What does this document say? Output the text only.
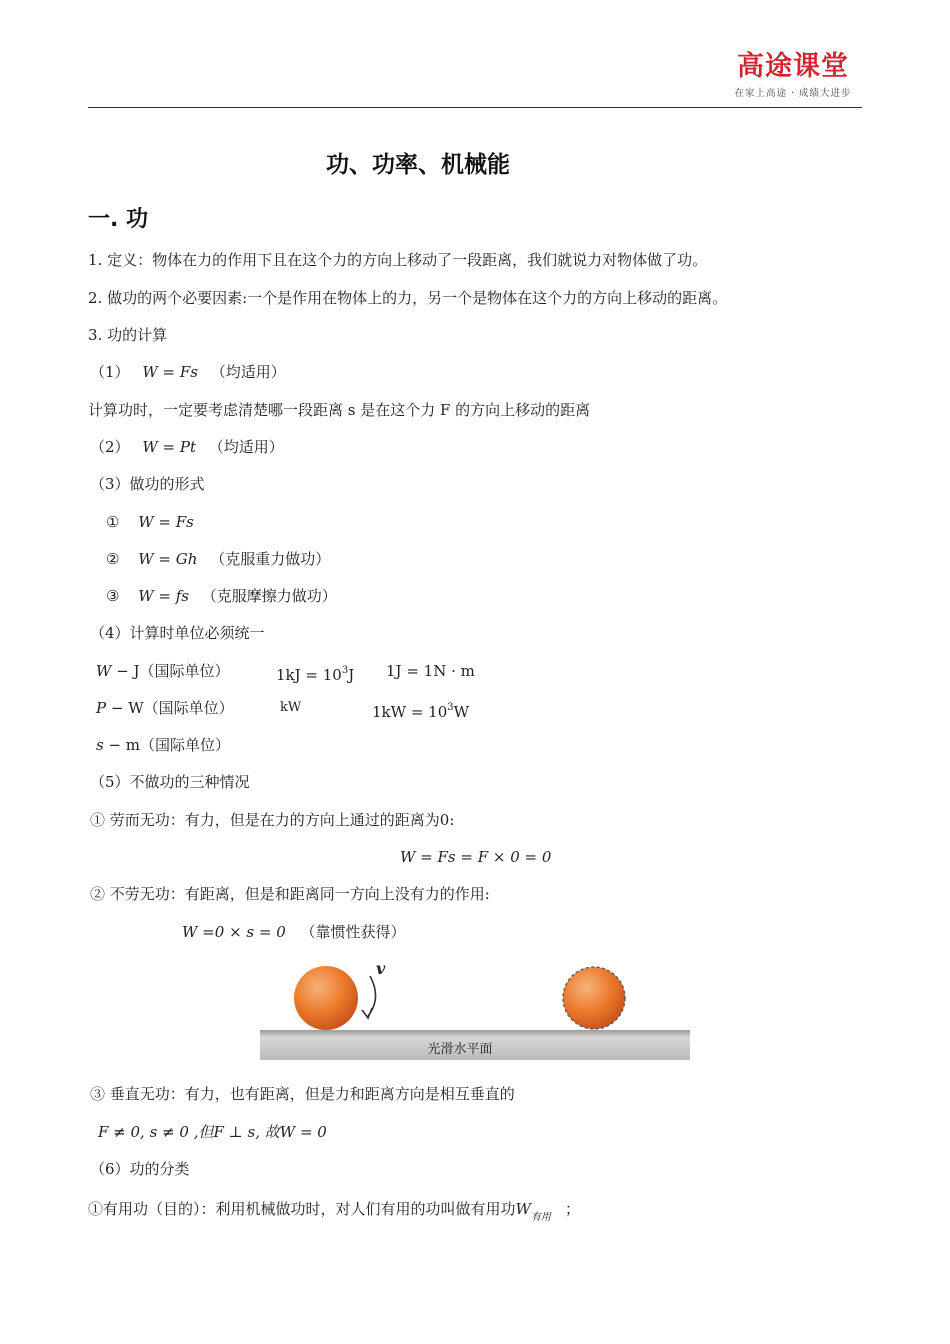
高途课堂
在家上高途 · 成绩大进步
功、功率、机械能
一. 功
1. 定义：物体在力的作用下且在这个力的方向上移动了一段距离，我们就说力对物体做了功。
2. 做功的两个必要因素:一个是作用在物体上的力，另一个是物体在这个力的方向上移动的距离。
3. 功的计算
（1） W = Fs （均适用）
计算功时，一定要考虑清楚哪一段距离 s 是在这个力 F 的方向上移动的距离
（2） W = Pt （均适用）
（3）做功的形式
① W = Fs
② W = Gh （克服重力做功）
③ W = fs （克服摩擦力做功）
（4）计算时单位必须统一
W − J（国际单位）	$1kJ = 10^3J$ 1J = 1N · m
P − W（国际单位）	kW	$1kW = 10^3W$
s − m（国际单位）
（5）不做功的三种情况
① 劳而无功：有力，但是在力的方向上通过的距离为0:
W = Fs = F × 0 = 0
② 不劳无功：有距离，但是和距离同一方向上没有力的作用:
W =0 × s = 0 （靠惯性获得）
v
光滑水平面
③ 垂直无功：有力，也有距离，但是力和距离方向是相互垂直的
F ≠ 0, s ≠ 0 ,但F ⊥ s, 故W = 0
（6）功的分类
①有用功（目的）：利用机械做功时，对人们有用的功叫做有用功$W_{有用}$ ；
